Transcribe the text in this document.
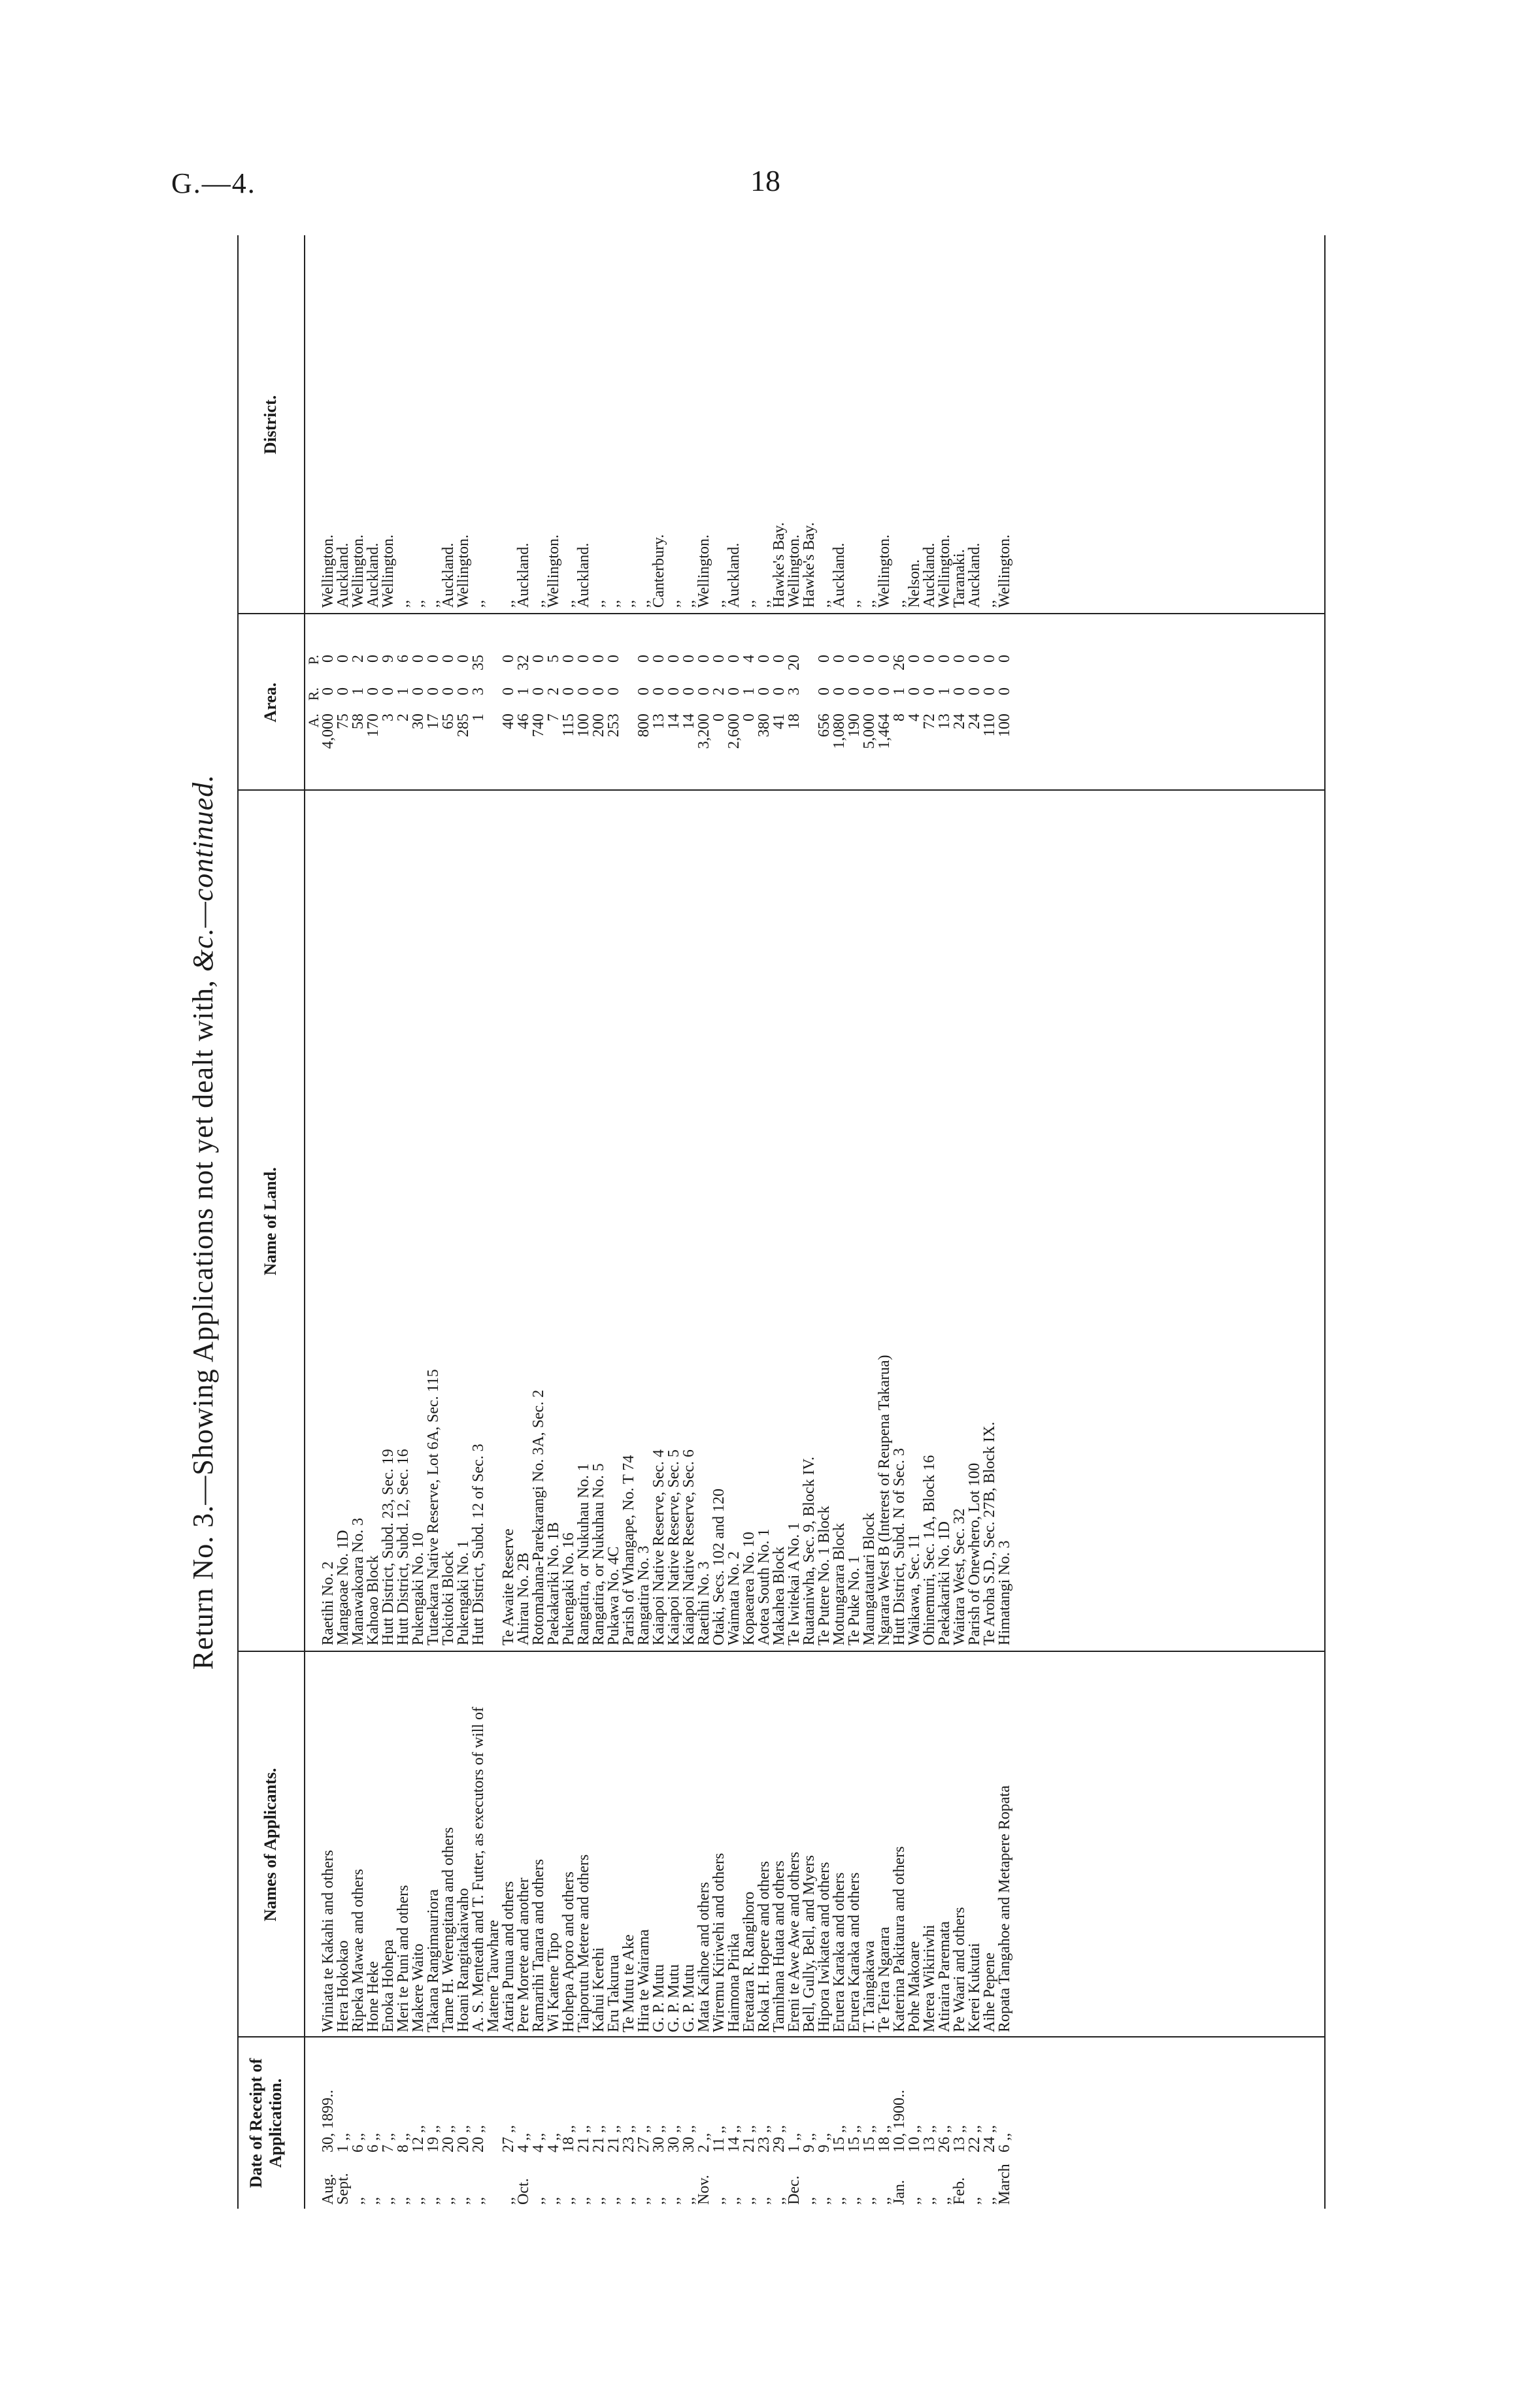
G.—4.	18
Return No. 3.—Showing Applications not yet dealt with, &c.—continued.
Date of Receipt of Application.
Names of Applicants.
Name of Land.
Area.
District.
A.R.P.
Aug.30, 1899..
Winiata te Kakahi and others
Raetihi No. 2
4,00000
Wellington.
Sept.1 ,,
Hera Hokokao
Mangaoae No. 1D
7500
Auckland.
,,6 ,,
Ripeka Mawae and others
Manawakoara No. 3
5812
Wellington.
,,6 ,,
Hone Heke
Kahoao Block
17000
Auckland.
,,7 ,,
Enoka Hohepa
Hutt District, Subd. 23, Sec. 19
309
Wellington.
,,8 ,,
Meri te Puni and others
Hutt District, Subd. 12, Sec. 16
216
,,
,,12 ,,
Makere Waito
Pukengaki No. 10
3000
,,
,,19 ,,
Takana Rangimauriora
Tutaekara Native Reserve, Lot 6A, Sec. 115
1700
,,
,,20 ,,
Tame H. Werengitana and others
Tokitoki Block
6500
Auckland.
,,20 ,,
Hoani Rangitakaiwaho
Pukengaki No. 1
28500
Wellington.
,,20 ,,
A. S. Menteath and T. Futter, as executors of will of
Hutt District, Subd. 12 of Sec. 3
1335
,,
Matene Tauwhare
,,27 ,,
Ataria Punua and others
Te Awaite Reserve
4000
,,
Oct.4 ,,
Pere Morete and another
Ahirau No. 2B
46132
Auckland.
,,4 ,,
Ramarihi Tanara and others
Rotomahana-Parekarangi No. 3A, Sec. 2
74000
,,
,,4 ,,
Wi Katene Tipo
Paekakariki No. 1B
725
Wellington.
,,18 ,,
Hohepa Aporo and others
Pukengaki No. 16
11500
,,
,,21 ,,
Taiporutu Metere and others
Rangatira, or Nukuhau No. 1
10000
Auckland.
,,21 ,,
Kahui Kerehi
Rangatira, or Nukuhau No. 5
20000
,,
,,21 ,,
Eru Takurua
Pukawa No. 4C
25300
,,
,,23 ,,
Te Mutu te Ake
Parish of Whangape, No. T 74
,,
,,27 ,,
Hira te Wairama
Rangatira No. 3
80000
,,
,,30 ,,
G. P. Mutu
Kaiapoi Native Reserve, Sec. 4
1300
Canterbury.
,,30 ,,
G. P. Mutu
Kaiapoi Native Reserve, Sec. 5
1400
,,
,,30 ,,
G. P. Mutu
Kaiapoi Native Reserve, Sec. 6
1400
,,
Nov.2 ,,
Mata Kaihoe and others
Raetihi No. 3
3,20000
Wellington.
,,11 ,,
Wiremu Kiriwehi and others
Otaki, Secs. 102 and 120
020
,,
,,14 ,,
Haimona Pirika
Waimata No. 2
2,60000
Auckland.
,,21 ,,
Ereatara R. Rangihoro
Kopaearea No. 10
014
,,
,,23 ,,
Roka H. Hopere and others
Aotea South No. 1
38000
,,
,,29 ,,
Tamihana Huata and others
Makahea Block
4100
Hawke's Bay.
Dec.1 ,,
Ereni te Awe Awe and others
Te Iwitekai A No. 1
18320
Wellington.
,,9 ,,
Bell, Gully, Bell, and Myers
Ruataniwha, Sec. 9, Block IV.
Hawke's Bay.
,,9 ,,
Hipora Iwikatea and others
Te Putere No. 1 Block
65600
,,
,,15 ,,
Eruera Karaka and others
Motungarara Block
1,08000
Auckland.
,,15 ,,
Eruera Karaka and others
Te Puke No. 1
19000
,,
,,15 ,,
T. Taingakawa
Maungatautari Block
5,00000
,,
,,18 ,,
Te Teira Ngarara
Ngarara West B (Interest of Reupena Takarua)
1,46400
Wellington.
Jan.10, 1900..
Katerina Pakitaura and others
Hutt District, Subd. N of Sec. 3
8126
,,
,,10 ,,
Pohe Makoare
Waikawa, Sec. 11
400
Nelson.
,,13 ,,
Merea Wikiriwhi
Ohinemuri, Sec. 1A, Block 16
7200
Auckland.
,,26 ,,
Atiraira Paremata
Paekakariki No. 1D
1310
Wellington.
Feb.13 ,,
Pe Waari and others
Waitara West, Sec. 32
2400
Taranaki.
,,22 ,,
Kerei Kukutai
Parish of Onewhero, Lot 100
2400
Auckland.
,,24 ,,
Aihe Pepene
Te Aroha S.D., Sec. 27B, Block IX.
11000
,,
March6 ,,
Ropata Tangahoe and Metapere Ropata
Himatangi No. 3
10000
Wellington.
